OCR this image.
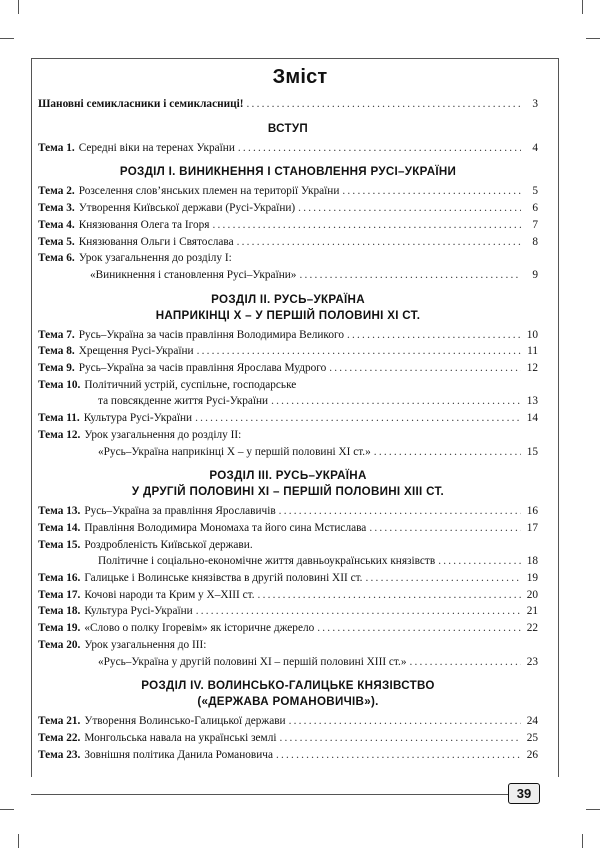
Зміст
Шановні семикласники і семикласниці! .....	3
ВСТУП
Тема 1. Середні віки на теренах України .....	4
РОЗДІЛ І. ВИНИКНЕННЯ І СТАНОВЛЕННЯ РУСІ–УКРАЇНИ
Тема 2. Розселення слов’янських племен на території України .....	5
Тема 3. Утворення Київської держави (Русі-України) .....	6
Тема 4. Князювання Олега та Ігоря .....	7
Тема 5. Князювання Ольги і Святослава .....	8
Тема 6. Урок узагальнення до розділу І:
«Виникнення і становлення Русі–України» .....	9
РОЗДІЛ ІІ. РУСЬ–УКРАЇНА
НАПРИКІНЦІ Х – У ПЕРШІЙ ПОЛОВИНІ ХІ СТ.
Тема 7. Русь–Україна за часів правління Володимира Великого .....	10
Тема 8. Хрещення Русі-України .....	11
Тема 9. Русь–Україна за часів правління Ярослава Мудрого .....	12
Тема 10. Політичний устрій, суспільне, господарське
та повсякденне життя Русі-України .....	13
Тема 11. Культура Русі-України .....	14
Тема 12. Урок узагальнення до розділу ІІ:
«Русь–Україна наприкінці Х – у першій половині ХІ ст.» .....	15
РОЗДІЛ ІІІ. РУСЬ–УКРАЇНА
У ДРУГІЙ ПОЛОВИНІ ХІ – ПЕРШІЙ ПОЛОВИНІ ХІІІ СТ.
Тема 13. Русь–Україна за правління Ярославичів .....	16
Тема 14. Правління Володимира Мономаха та його сина Мстислава .....	17
Тема 15. Роздробленість Київської держави.
Політичне і соціально-економічне життя давньоукраїнських князівств .....	18
Тема 16. Галицьке і Волинське князівства в другій половині ХІІ ст. .....	19
Тема 17. Кочові народи та Крим у Х–ХІІІ ст. .....	20
Тема 18. Культура Русі-України .....	21
Тема 19. «Слово о полку Ігоревім» як історичне джерело .....	22
Тема 20. Урок узагальнення до ІІІ:
«Русь–Україна у другій половині ХІ – першій половині ХІІІ ст.» .....	23
РОЗДІЛ IV. ВОЛИНСЬКО-ГАЛИЦЬКЕ КНЯЗІВСТВО
(«ДЕРЖАВА РОМАНОВИЧІВ»).
Тема 21. Утворення Волинсько-Галицької держави .....	24
Тема 22. Монгольська навала на українські землі .....	25
Тема 23. Зовнішня політика Данила Романовича .....	26
39
